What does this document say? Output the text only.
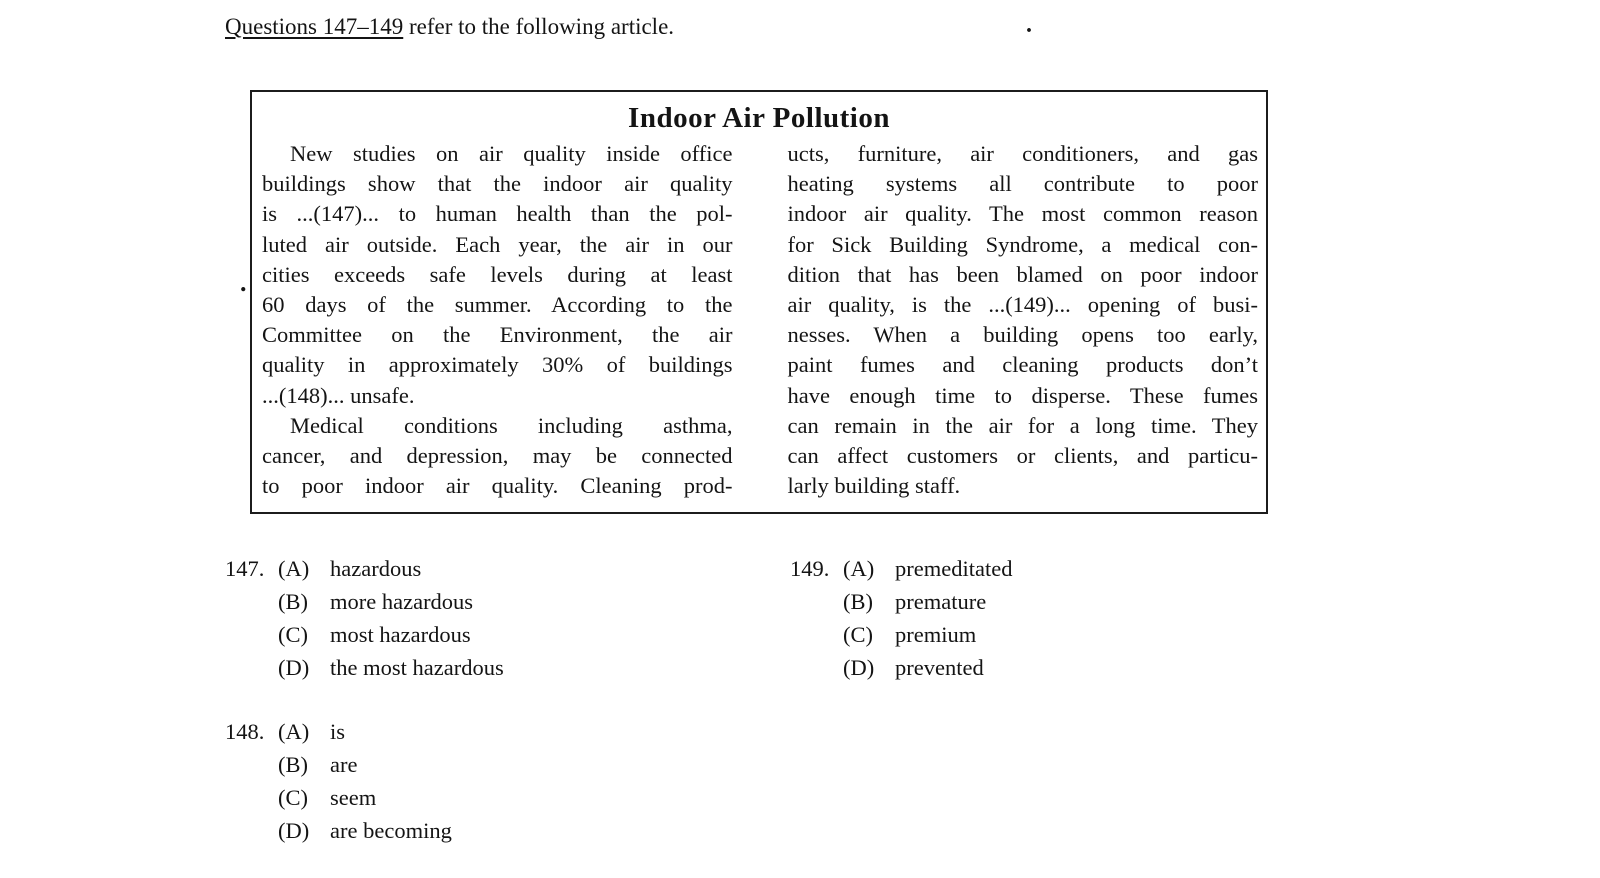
Questions 147–149 refer to the following article.	.
.
Indoor Air Pollution
New studies on air quality inside office
buildings show that the indoor air quality
is ...(147)... to human health than the pol-
luted air outside. Each year, the air in our
cities exceeds safe levels during at least
60 days of the summer. According to the
Committee on the Environment, the air
quality in approximately 30% of buildings
...(148)... unsafe.
Medical conditions including asthma,
cancer, and depression, may be connected
to poor indoor air quality. Cleaning prod-
ucts, furniture, air conditioners, and gas
heating systems all contribute to poor
indoor air quality. The most common reason
for Sick Building Syndrome, a medical con-
dition that has been blamed on poor indoor
air quality, is the ...(149)... opening of busi-
nesses. When a building opens too early,
paint fumes and cleaning products don’t
have enough time to disperse. These fumes
can remain in the air for a long time. They
can affect customers or clients, and particu-
larly building staff.
147. (A) hazardous
(B) more hazardous
(C) most hazardous
(D) the most hazardous
148. (A) is
(B) are
(C) seem
(D) are becoming
149. (A) premeditated
(B) premature
(C) premium
(D) prevented
